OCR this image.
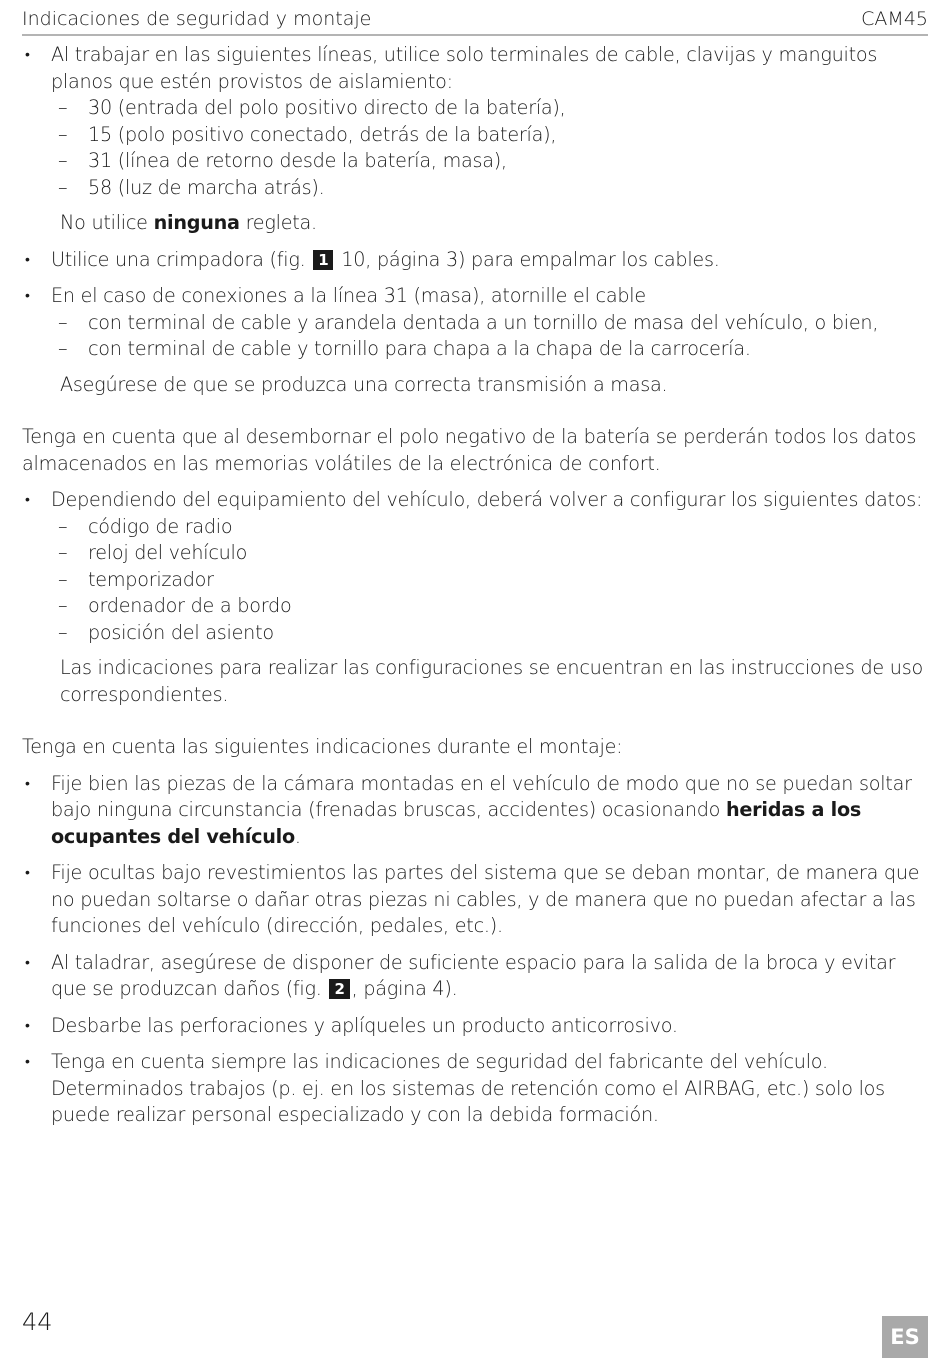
Indicaciones de seguridad y montaje	CAM45
• Al trabajar en las siguientes líneas, utilice solo terminales de cable, clavijas y manguitos planos que estén provistos de aislamiento:
– 30 (entrada del polo positivo directo de la batería),
– 15 (polo positivo conectado, detrás de la batería),
– 31 (línea de retorno desde la batería, masa),
– 58 (luz de marcha atrás).
No utilice ninguna regleta.
• Utilice una crimpadora (fig. 1 10, página 3) para empalmar los cables.
• En el caso de conexiones a la línea 31 (masa), atornille el cable
– con terminal de cable y arandela dentada a un tornillo de masa del vehículo, o bien,
– con terminal de cable y tornillo para chapa a la chapa de la carrocería.
Asegúrese de que se produzca una correcta transmisión a masa.

Tenga en cuenta que al desembornar el polo negativo de la batería se perderán todos los datos almacenados en las memorias volátiles de la electrónica de confort.

• Dependiendo del equipamiento del vehículo, deberá volver a configurar los siguientes datos:
– código de radio
– reloj del vehículo
– temporizador
– ordenador de a bordo
– posición del asiento
Las indicaciones para realizar las configuraciones se encuentran en las instrucciones de uso correspondientes.

Tenga en cuenta las siguientes indicaciones durante el montaje:

• Fije bien las piezas de la cámara montadas en el vehículo de modo que no se puedan soltar bajo ninguna circunstancia (frenadas bruscas, accidentes) ocasionando heridas a los ocupantes del vehículo.
• Fije ocultas bajo revestimientos las partes del sistema que se deban montar, de manera que no puedan soltarse o dañar otras piezas ni cables, y de manera que no puedan afectar a las funciones del vehículo (dirección, pedales, etc.).
• Al taladrar, asegúrese de disponer de suficiente espacio para la salida de la broca y evitar que se produzcan daños (fig. 2 , página 4).
• Desbarbe las perforaciones y aplíqueles un producto anticorrosivo.
• Tenga en cuenta siempre las indicaciones de seguridad del fabricante del vehículo. Determinados trabajos (p. ej. en los sistemas de retención como el AIRBAG, etc.) solo los puede realizar personal especializado y con la debida formación.
44
ES
